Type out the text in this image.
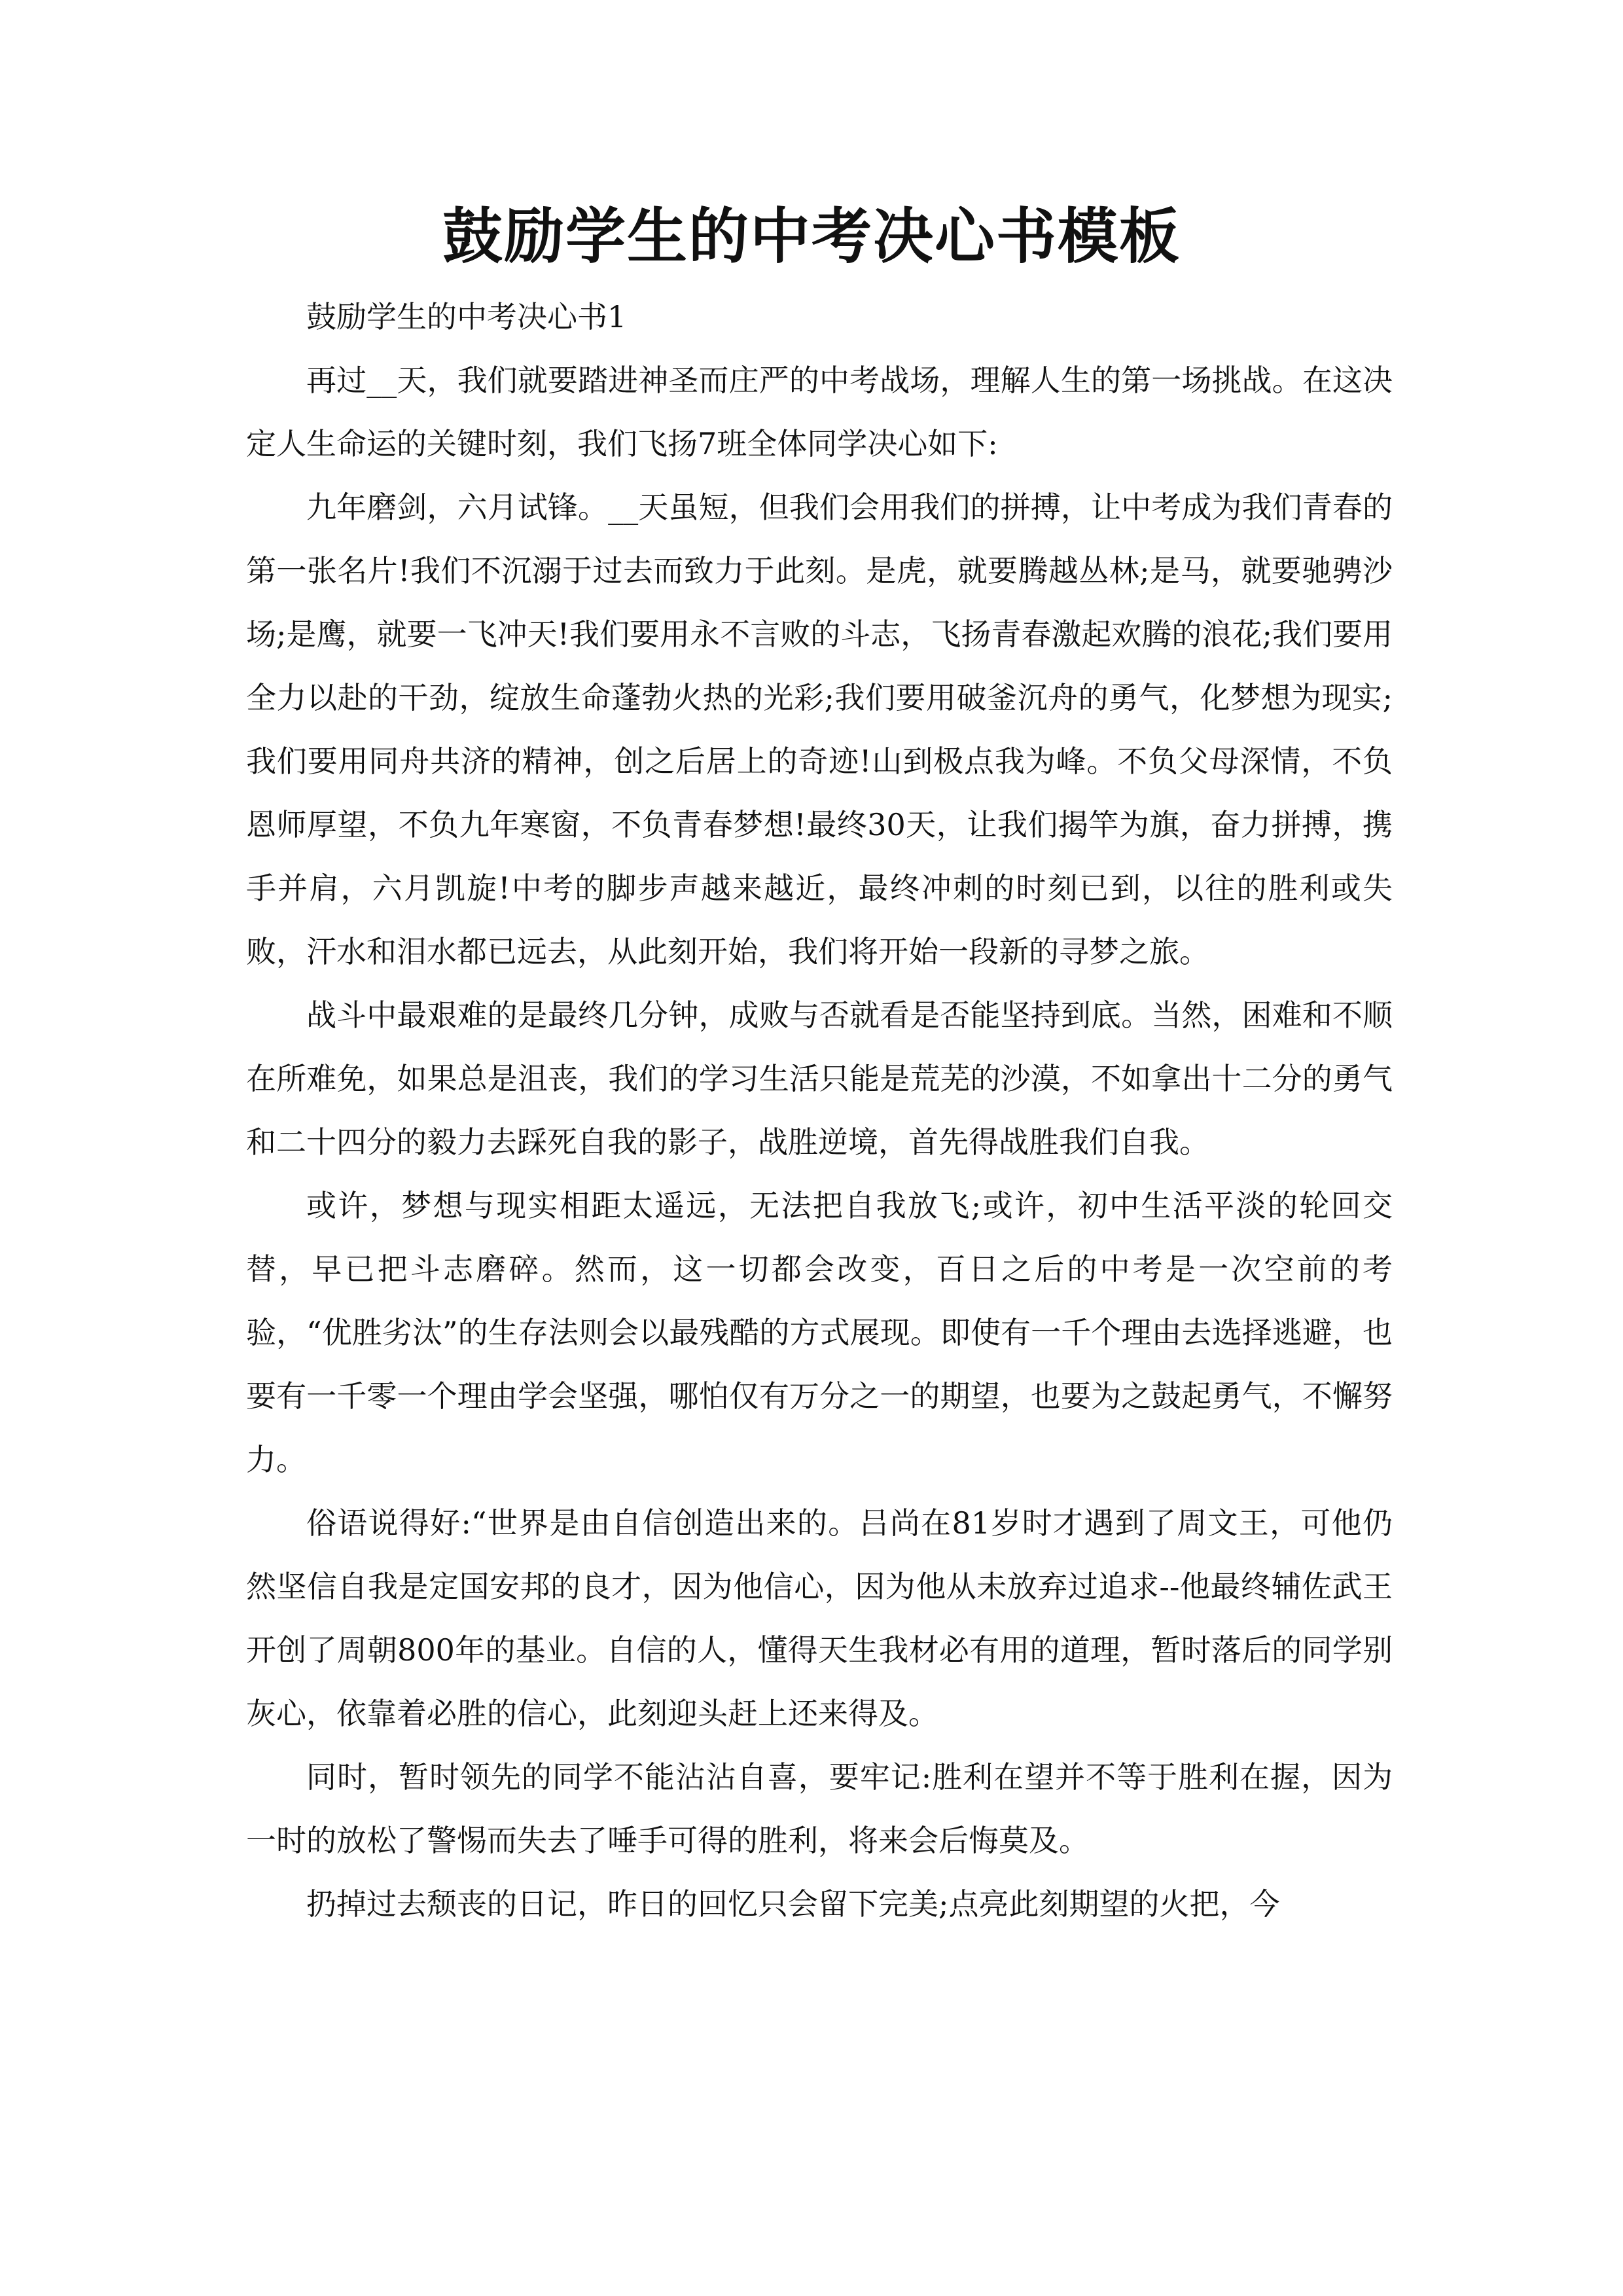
鼓励学生的中考决心书模板

鼓励学生的中考决心书1

再过__天，我们就要踏进神圣而庄严的中考战场，理解人生的第一场挑战。在这决定人生命运的关键时刻，我们飞扬7班全体同学决心如下:

九年磨剑，六月试锋。__天虽短，但我们会用我们的拼搏，让中考成为我们青春的第一张名片!我们不沉溺于过去而致力于此刻。是虎，就要腾越丛林;是马，就要驰骋沙场;是鹰，就要一飞冲天!我们要用永不言败的斗志，飞扬青春激起欢腾的浪花;我们要用全力以赴的干劲，绽放生命蓬勃火热的光彩;我们要用破釜沉舟的勇气，化梦想为现实;我们要用同舟共济的精神，创之后居上的奇迹!山到极点我为峰。不负父母深情，不负恩师厚望，不负九年寒窗，不负青春梦想!最终30天，让我们揭竿为旗，奋力拼搏，携手并肩，六月凯旋!中考的脚步声越来越近，最终冲刺的时刻已到，以往的胜利或失败，汗水和泪水都已远去，从此刻开始，我们将开始一段新的寻梦之旅。

战斗中最艰难的是最终几分钟，成败与否就看是否能坚持到底。当然，困难和不顺在所难免，如果总是沮丧，我们的学习生活只能是荒芜的沙漠，不如拿出十二分的勇气和二十四分的毅力去踩死自我的影子，战胜逆境，首先得战胜我们自我。

或许，梦想与现实相距太遥远，无法把自我放飞;或许，初中生活平淡的轮回交替，早已把斗志磨碎。然而，这一切都会改变，百日之后的中考是一次空前的考验，“优胜劣汰”的生存法则会以最残酷的方式展现。即使有一千个理由去选择逃避，也要有一千零一个理由学会坚强，哪怕仅有万分之一的期望，也要为之鼓起勇气，不懈努力。

俗语说得好:“世界是由自信创造出来的。吕尚在81岁时才遇到了周文王，可他仍然坚信自我是定国安邦的良才，因为他信心，因为他从未放弃过追求--他最终辅佐武王开创了周朝800年的基业。自信的人，懂得天生我材必有用的道理，暂时落后的同学别灰心，依靠着必胜的信心，此刻迎头赶上还来得及。

同时，暂时领先的同学不能沾沾自喜，要牢记:胜利在望并不等于胜利在握，因为一时的放松了警惕而失去了唾手可得的胜利，将来会后悔莫及。

扔掉过去颓丧的日记，昨日的回忆只会留下完美;点亮此刻期望的火把，今
